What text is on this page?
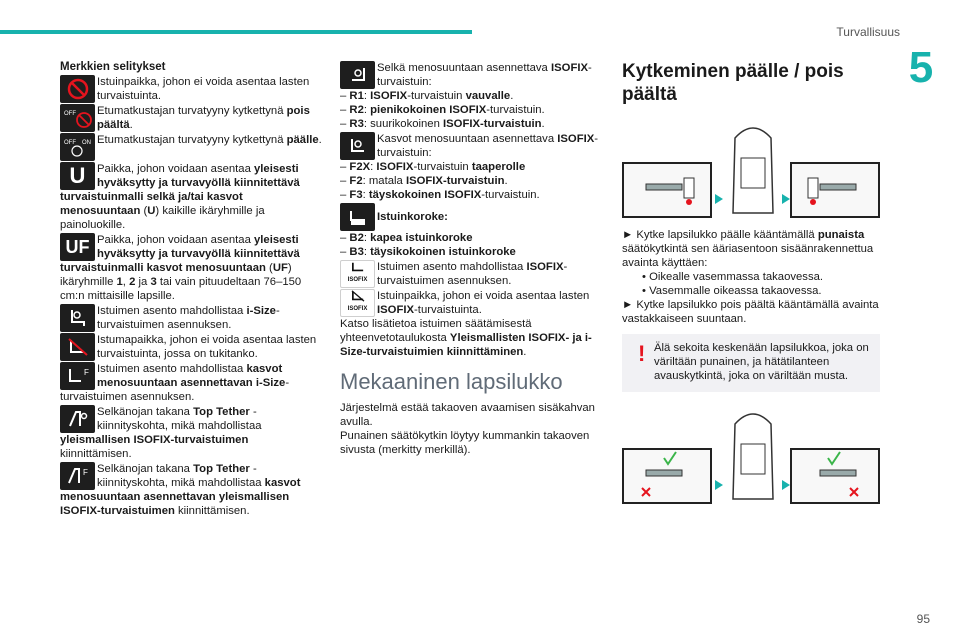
Turvallisuus
5

Merkkien selitykset

Istuinpaikka, johon ei voida asentaa lasten turvaistuinta.

OFF	Etumatkustajan turvatyyny kytkettynä pois päältä.

OFF ON Etumatkustajan turvatyyny kytkettynä päälle.

U	Paikka, johon voidaan asentaa yleisesti hyväksytty ja turvavyöllä kiinnitettävä turvaistuinmalli selkä ja/tai kasvot menosuuntaan (U) kaikille ikäryhmille ja painoluokille.

UF Paikka, johon voidaan asentaa yleisesti hyväksytty ja turvavyöllä kiinnitettävä turvaistuinmalli kasvot menosuuntaan (UF) ikäryhmille 1, 2 ja 3 tai vain pituudeltaan 76–150 cm:n mittaisille lapsille.

Istuimen asento mahdollistaa i-Size-turvaistuimen asennuksen.

Istumapaikka, johon ei voida asentaa lasten turvaistuinta, jossa on tukitanko.

F Istuimen asento mahdollistaa kasvot menosuuntaan asennettavan i-Size-turvaistuimen asennuksen.

Selkänojan takana Top Tether -kiinnityskohta, mikä mahdollistaa yleismallisen ISOFIX-turvaistuimen kiinnittämisen.

F Selkänojan takana Top Tether -kiinnityskohta, mikä mahdollistaa kasvot menosuuntaan asennettavan yleismallisen ISOFIX-turvaistuimen kiinnittämisen.

Selkä menosuuntaan asennettava ISOFIX-turvaistuin:

– R1: ISOFIX-turvaistuin vauvalle.

– R2: pienikokoinen ISOFIX-turvaistuin.

– R3: suurikokoinen ISOFIX-turvaistuin.

Kasvot menosuuntaan asennettava ISOFIX-turvaistuin:

– F2X: ISOFIX-turvaistuin taaperolle

– F2: matala ISOFIX-turvaistuin.

– F3: täyskokoinen ISOFIX-turvaistuin.

Istuinkoroke:

– B2: kapea istuinkoroke

– B3: täysikokoinen istuinkoroke

ISOFIX

Istuimen asento mahdollistaa ISOFIX-turvaistuimen asennuksen.

ISOFIX

Istuinpaikka, johon ei voida asentaa lasten ISOFIX-turvaistuinta.

Katso lisätietoa istuimen säätämisestä yhteenvetotaulukosta Yleismallisten ISOFIX- ja i-Size-turvaistuimien kiinnittäminen.

Mekaaninen lapsilukko

Järjestelmä estää takaoven avaamisen sisäkahvan avulla.

Punainen säätökytkin löytyy kummankin takaoven sivusta (merkitty merkillä).

Kytkeminen päälle / pois päältä

► Kytke lapsilukko päälle kääntämällä punaista säätökytkintä sen ääriasentoon sisäänrakennettua avainta käyttäen:

• Oikealle vasemmassa takaovessa.

• Vasemmalle oikeassa takaovessa.

► Kytke lapsilukko pois päältä kääntämällä avainta vastakkaiseen suuntaan.

! Älä sekoita keskenään lapsilukkoa, joka on väriltään punainen, ja hätätilanteen avauskytkintä, joka on väriltään musta.

95
